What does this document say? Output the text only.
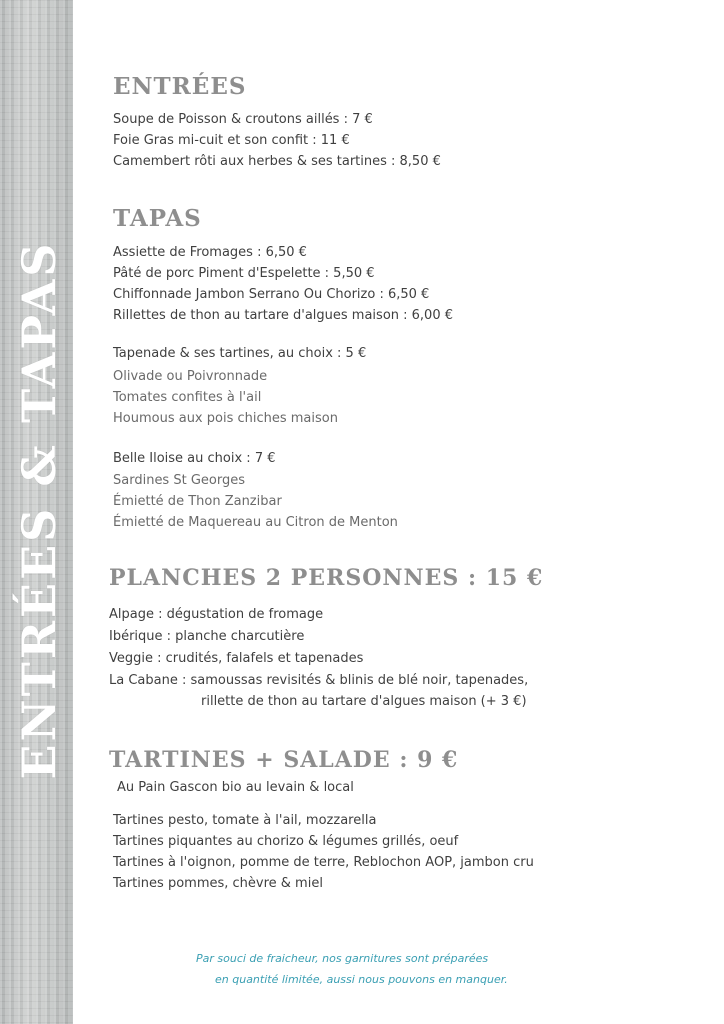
ENTRÉES & TAPAS
ENTRÉES

Soupe de Poisson & croutons aillés : 7 €

Foie Gras mi-cuit et son confit : 11 €

Camembert rôti aux herbes & ses tartines : 8,50 €

TAPAS

Assiette de Fromages : 6,50 €

Pâté de porc Piment d'Espelette : 5,50 €

Chiffonnade Jambon Serrano Ou Chorizo : 6,50 €

Rillettes de thon au tartare d'algues maison : 6,00 €

Tapenade & ses tartines, au choix : 5 €

Olivade ou Poivronnade

Tomates confites à l'ail

Houmous aux pois chiches maison

Belle Iloise au choix : 7 €

Sardines St Georges

Émietté de Thon Zanzibar

Émietté de Maquereau au Citron de Menton

PLANCHES 2 PERSONNES : 15 €

Alpage : dégustation de fromage

Ibérique : planche charcutière

Veggie : crudités, falafels et tapenades

La Cabane : samoussas revisités & blinis de blé noir, tapenades,

rillette de thon au tartare d'algues maison (+ 3 €)

TARTINES + SALADE : 9 €

Au Pain Gascon bio au levain & local

Tartines pesto, tomate à l'ail, mozzarella

Tartines piquantes au chorizo & légumes grillés, oeuf

Tartines à l'oignon, pomme de terre, Reblochon AOP, jambon cru

Tartines pommes, chèvre & miel

Par souci de fraicheur, nos garnitures sont préparées

en quantité limitée, aussi nous pouvons en manquer.
